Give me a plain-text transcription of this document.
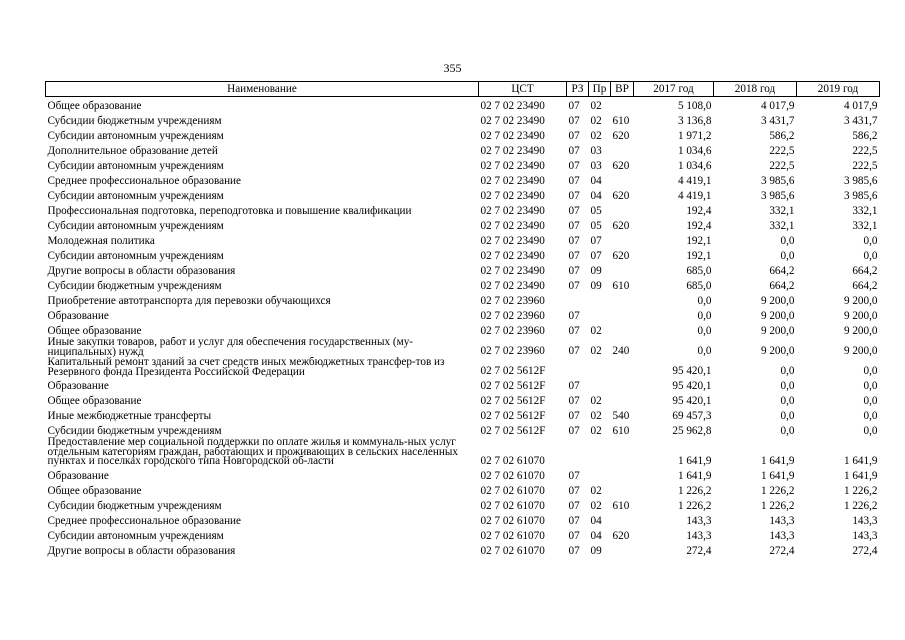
355
Наименование	ЦСТ	РЗ	Пр	ВР	2017 год	2018 год	2019 год
Общее образование	02 7 02 23490	07	02		5 108,0	4 017,9	4 017,9
Субсидии бюджетным учреждениям	02 7 02 23490	07	02	610	3 136,8	3 431,7	3 431,7
Субсидии автономным учреждениям	02 7 02 23490	07	02	620	1 971,2	586,2	586,2
Дополнительное образование детей	02 7 02 23490	07	03		1 034,6	222,5	222,5
Субсидии автономным учреждениям	02 7 02 23490	07	03	620	1 034,6	222,5	222,5
Среднее профессиональное образование	02 7 02 23490	07	04		4 419,1	3 985,6	3 985,6
Субсидии автономным учреждениям	02 7 02 23490	07	04	620	4 419,1	3 985,6	3 985,6
Профессиональная подготовка, переподготовка и повышение квалификации	02 7 02 23490	07	05		192,4	332,1	332,1
Субсидии автономным учреждениям	02 7 02 23490	07	05	620	192,4	332,1	332,1
Молодежная политика	02 7 02 23490	07	07		192,1	0,0	0,0
Субсидии автономным учреждениям	02 7 02 23490	07	07	620	192,1	0,0	0,0
Другие вопросы в области образования	02 7 02 23490	07	09		685,0	664,2	664,2
Субсидии бюджетным учреждениям	02 7 02 23490	07	09	610	685,0	664,2	664,2
Приобретение автотранспорта для перевозки обучающихся	02 7 02 23960				0,0	9 200,0	9 200,0
Образование	02 7 02 23960	07			0,0	9 200,0	9 200,0
Общее образование	02 7 02 23960	07	02		0,0	9 200,0	9 200,0
Иные закупки товаров, работ и услуг для обеспечения государственных (му-ниципальных) нужд	02 7 02 23960	07	02	240	0,0	9 200,0	9 200,0
Капитальный ремонт зданий за счет средств иных межбюджетных трансфер-тов из Резервного фонда Президента Российской Федерации	02 7 02 5612F				95 420,1	0,0	0,0
Образование	02 7 02 5612F	07			95 420,1	0,0	0,0
Общее образование	02 7 02 5612F	07	02		95 420,1	0,0	0,0
Иные межбюджетные трансферты	02 7 02 5612F	07	02	540	69 457,3	0,0	0,0
Субсидии бюджетным учреждениям	02 7 02 5612F	07	02	610	25 962,8	0,0	0,0
Предоставление мер социальной поддержки по оплате жилья и коммуналь-ных услуг отдельным категориям граждан, работающих и проживающих в сельских населенных пунктах и поселках городского типа Новгородской об-ласти	02 7 02 61070				1 641,9	1 641,9	1 641,9
Образование	02 7 02 61070	07			1 641,9	1 641,9	1 641,9
Общее образование	02 7 02 61070	07	02		1 226,2	1 226,2	1 226,2
Субсидии бюджетным учреждениям	02 7 02 61070	07	02	610	1 226,2	1 226,2	1 226,2
Среднее профессиональное образование	02 7 02 61070	07	04		143,3	143,3	143,3
Субсидии автономным учреждениям	02 7 02 61070	07	04	620	143,3	143,3	143,3
Другие вопросы в области образования	02 7 02 61070	07	09		272,4	272,4	272,4
